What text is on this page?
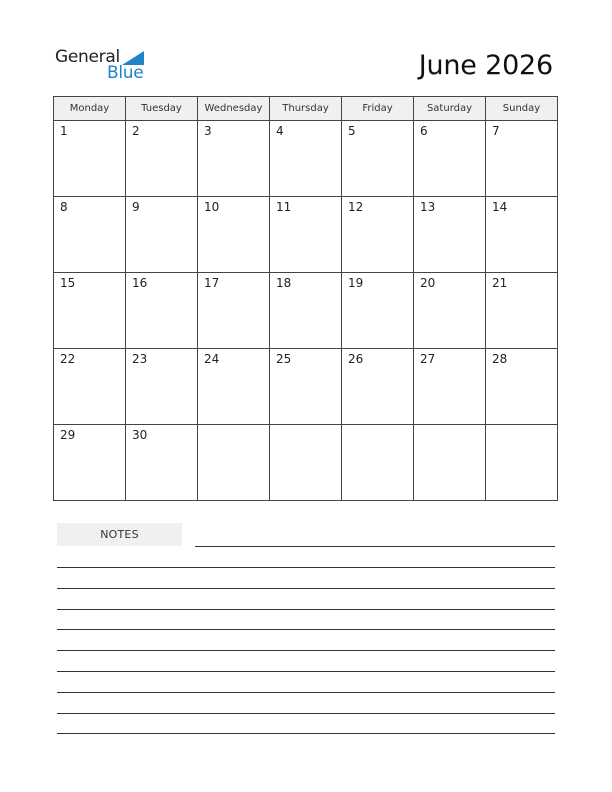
General
Blue	June 2026
Monday	Tuesday	Wednesday	Thursday	Friday	Saturday	Sunday

1	2	3	4	5	6	7

8	9	10	11	12	13	14

15	16	17	18	19	20	21

22	23	24	25	26	27	28

29	30					

NOTES
